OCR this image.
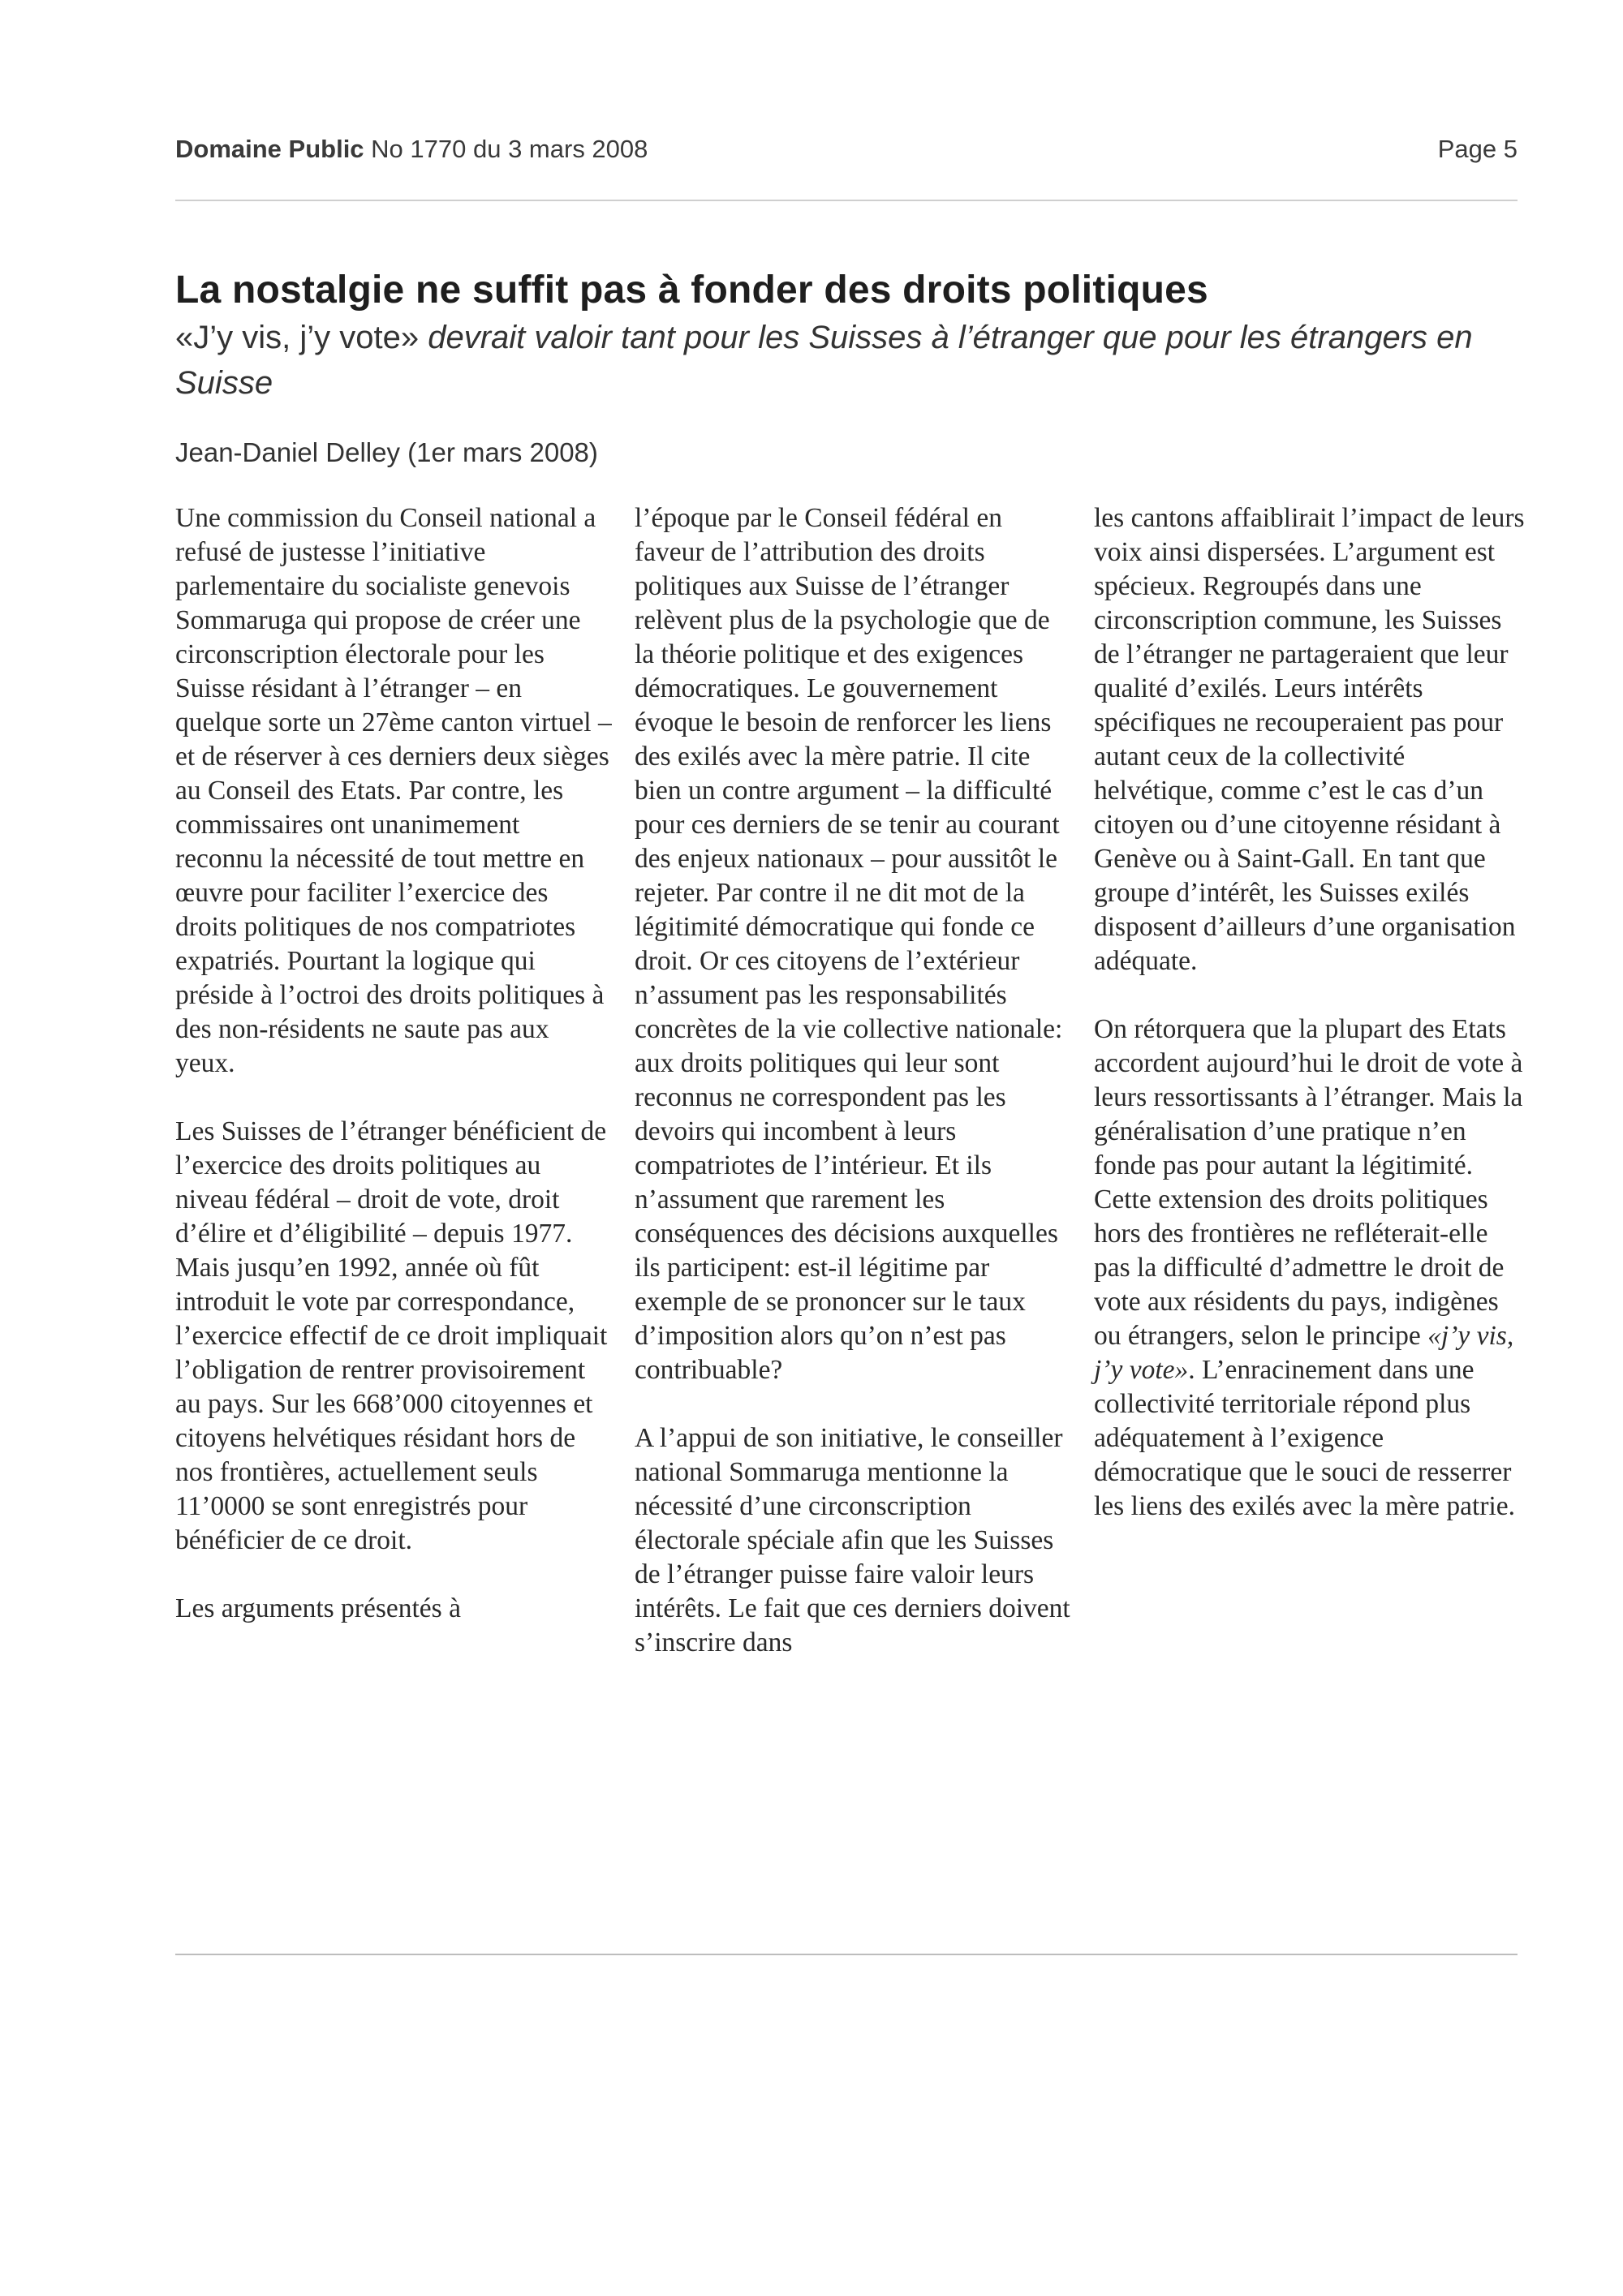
Domaine Public No 1770 du 3 mars 2008	Page 5
La nostalgie ne suffit pas à fonder des droits politiques
«J’y vis, j’y vote» devrait valoir tant pour les Suisses à l’étranger que pour les étrangers en Suisse
Jean-Daniel Delley (1er mars 2008)

Une commission du Conseil national a refusé de justesse l’initiative parlementaire du socialiste genevois Sommaruga qui propose de créer une circonscription électorale pour les Suisse résidant à l’étranger – en quelque sorte un 27ème canton virtuel – et de réserver à ces derniers deux sièges au Conseil des Etats. Par contre, les commissaires ont unanimement reconnu la nécessité de tout mettre en œuvre pour faciliter l’exercice des droits politiques de nos compatriotes expatriés. Pourtant la logique qui préside à l’octroi des droits politiques à des non-résidents ne saute pas aux yeux.

Les Suisses de l’étranger bénéficient de l’exercice des droits politiques au niveau fédéral – droit de vote, droit d’élire et d’éligibilité – depuis 1977. Mais jusqu’en 1992, année où fût introduit le vote par correspondance, l’exercice effectif de ce droit impliquait l’obligation de rentrer provisoirement au pays. Sur les 668’000 citoyennes et citoyens helvétiques résidant hors de nos frontières, actuellement seuls 11’0000 se sont enregistrés pour bénéficier de ce droit.

Les arguments présentés à

l’époque par le Conseil fédéral en faveur de l’attribution des droits politiques aux Suisse de l’étranger relèvent plus de la psychologie que de la théorie politique et des exigences démocratiques. Le gouvernement évoque le besoin de renforcer les liens des exilés avec la mère patrie. Il cite bien un contre argument – la difficulté pour ces derniers de se tenir au courant des enjeux nationaux – pour aussitôt le rejeter. Par contre il ne dit mot de la légitimité démocratique qui fonde ce droit. Or ces citoyens de l’extérieur n’assument pas les responsabilités concrètes de la vie collective nationale: aux droits politiques qui leur sont reconnus ne correspondent pas les devoirs qui incombent à leurs compatriotes de l’intérieur. Et ils n’assument que rarement les conséquences des décisions auxquelles ils participent: est-il légitime par exemple de se prononcer sur le taux d’imposition alors qu’on n’est pas contribuable?

A l’appui de son initiative, le conseiller national Sommaruga mentionne la nécessité d’une circonscription électorale spéciale afin que les Suisses de l’étranger puisse faire valoir leurs intérêts. Le fait que ces derniers doivent s’inscrire dans

les cantons affaiblirait l’impact de leurs voix ainsi dispersées. L’argument est spécieux. Regroupés dans une circonscription commune, les Suisses de l’étranger ne partageraient que leur qualité d’exilés. Leurs intérêts spécifiques ne recouperaient pas pour autant ceux de la collectivité helvétique, comme c’est le cas d’un citoyen ou d’une citoyenne résidant à Genève ou à Saint-Gall. En tant que groupe d’intérêt, les Suisses exilés disposent d’ailleurs d’une organisation adéquate.

On rétorquera que la plupart des Etats accordent aujourd’hui le droit de vote à leurs ressortissants à l’étranger. Mais la généralisation d’une pratique n’en fonde pas pour autant la légitimité. Cette extension des droits politiques hors des frontières ne refléterait-elle pas la difficulté d’admettre le droit de vote aux résidents du pays, indigènes ou étrangers, selon le principe «j’y vis, j’y vote». L’enracinement dans une collectivité territoriale répond plus adéquatement à l’exigence démocratique que le souci de resserrer les liens des exilés avec la mère patrie.
